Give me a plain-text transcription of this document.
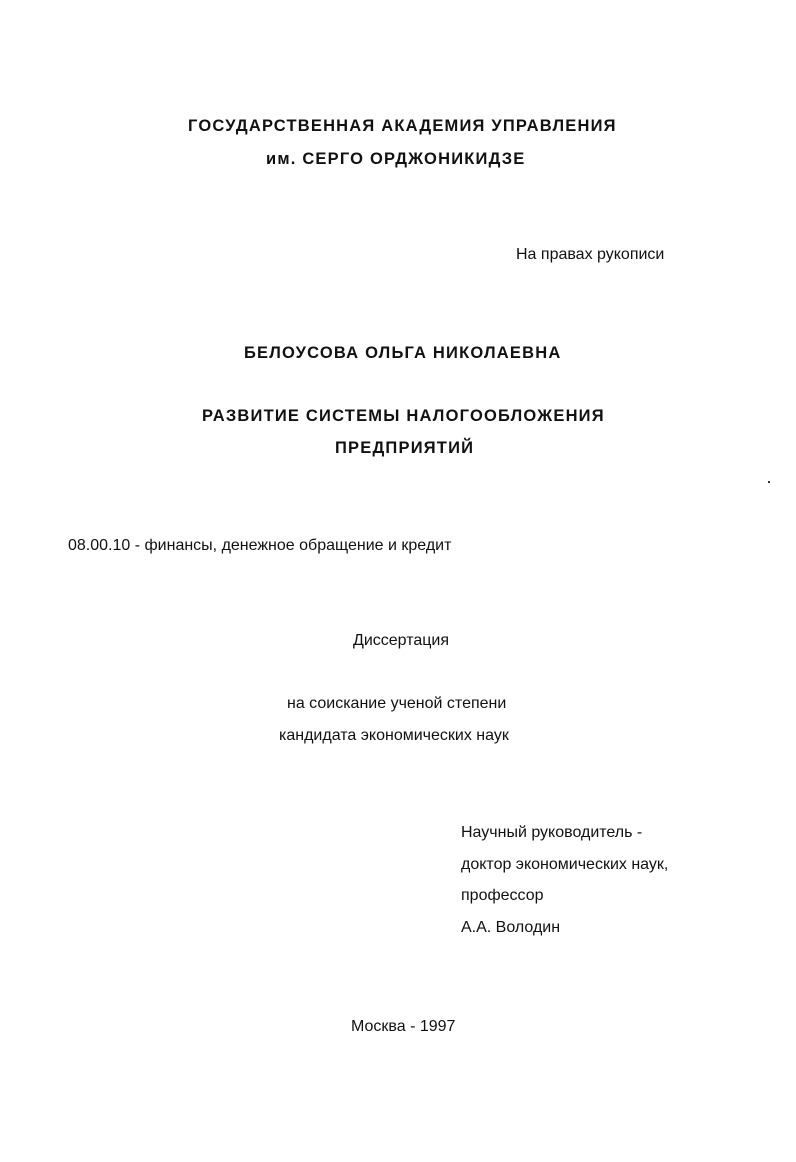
ГОСУДАРСТВЕННАЯ АКАДЕМИЯ УПРАВЛЕНИЯ
им. СЕРГО ОРДЖОНИКИДЗЕ
На правах рукописи
БЕЛОУСОВА ОЛЬГА НИКОЛАЕВНА
РАЗВИТИЕ СИСТЕМЫ НАЛОГООБЛОЖЕНИЯ
ПРЕДПРИЯТИЙ
08.00.10 - финансы, денежное обращение и кредит
Диссертация
на соискание ученой степени
кандидата экономических наук
Научный руководитель -
доктор экономических наук,
профессор
А.А. Володин
Москва - 1997
